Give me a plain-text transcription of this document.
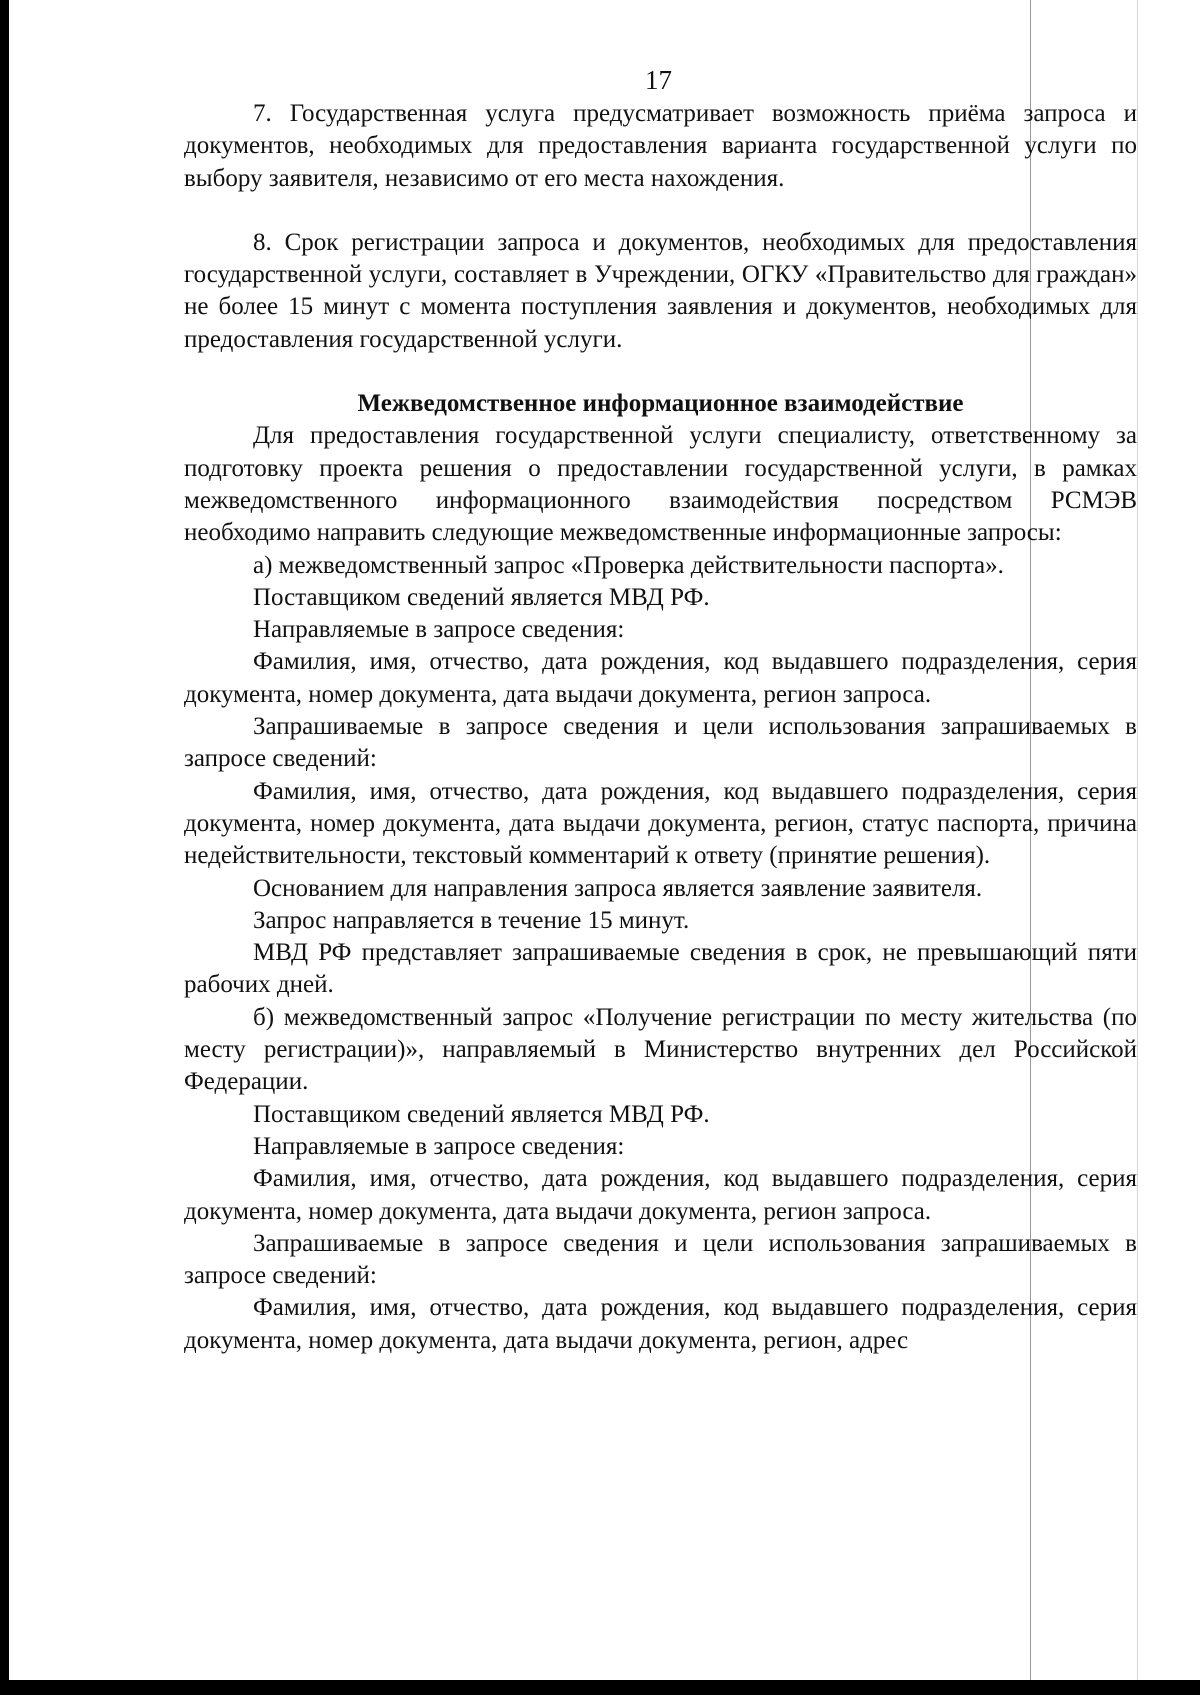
17

7. Государственная услуга предусматривает возможность приёма запроса и документов, необходимых для предоставления варианта государственной услуги по выбору заявителя, независимо от его места нахождения.

8. Срок регистрации запроса и документов, необходимых для предоставления государственной услуги, составляет в Учреждении, ОГКУ «Правительство для граждан» не более 15 минут с момента поступления заявления и документов, необходимых для предоставления государственной услуги.

Межведомственное информационное взаимодействие

Для предоставления государственной услуги специалисту, ответственному за подготовку проекта решения о предоставлении государственной услуги, в рамках межведомственного информационного взаимодействия посредством РСМЭВ необходимо направить следующие межведомственные информационные запросы:

а) межведомственный запрос «Проверка действительности паспорта».

Поставщиком сведений является МВД РФ.

Направляемые в запросе сведения:

Фамилия, имя, отчество, дата рождения, код выдавшего подразделения, серия документа, номер документа, дата выдачи документа, регион запроса.

Запрашиваемые в запросе сведения и цели использования запрашиваемых в запросе сведений:

Фамилия, имя, отчество, дата рождения, код выдавшего подразделения, серия документа, номер документа, дата выдачи документа, регион, статус паспорта, причина недействительности, текстовый комментарий к ответу (принятие решения).

Основанием для направления запроса является заявление заявителя.

Запрос направляется в течение 15 минут.

МВД РФ представляет запрашиваемые сведения в срок, не превышающий пяти рабочих дней.

б) межведомственный запрос «Получение регистрации по месту жительства (по месту регистрации)», направляемый в Министерство внутренних дел Российской Федерации.

Поставщиком сведений является МВД РФ.

Направляемые в запросе сведения:

Фамилия, имя, отчество, дата рождения, код выдавшего подразделения, серия документа, номер документа, дата выдачи документа, регион запроса.

Запрашиваемые в запросе сведения и цели использования запрашиваемых в запросе сведений:

Фамилия, имя, отчество, дата рождения, код выдавшего подразделения, серия документа, номер документа, дата выдачи документа, регион, адрес
